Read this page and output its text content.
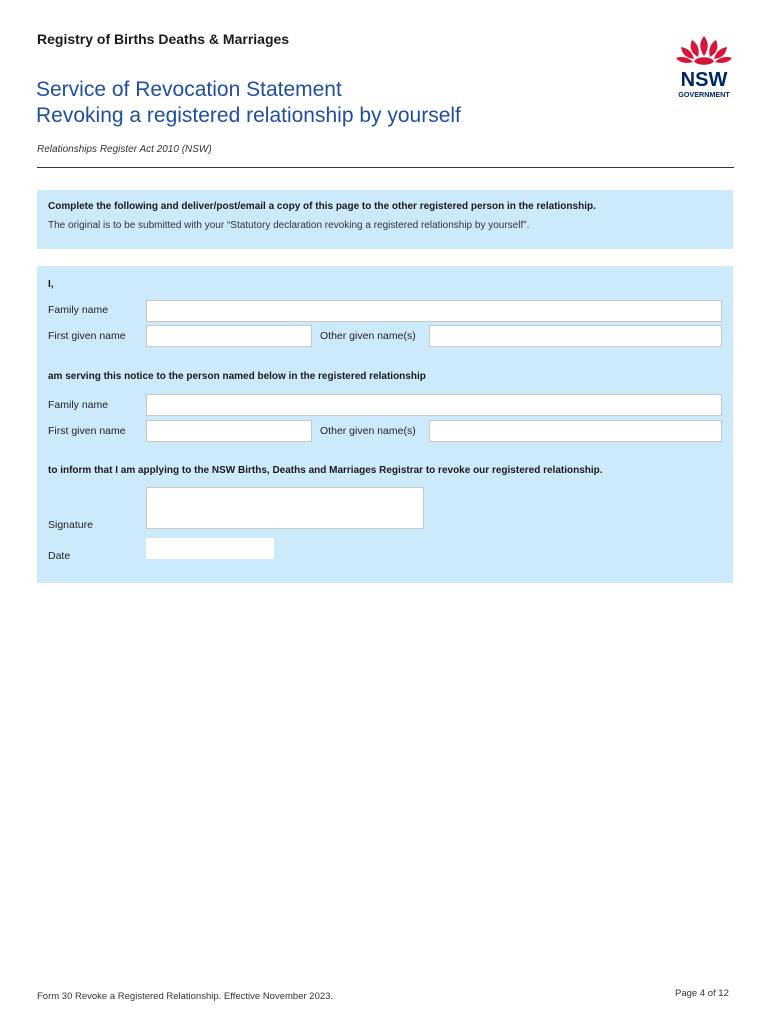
Registry of Births Deaths & Marriages
NSW
GOVERNMENT
Service of Revocation Statement
Revoking a registered relationship by yourself
Relationships Register Act 2010 (NSW)
Complete the following and deliver/post/email a copy of this page to the other registered person in the relationship.
The original is to be submitted with your “Statutory declaration revoking a registered relationship by yourself”.
I,
Family name
First given name	Other given name(s)
am serving this notice to the person named below in the registered relationship
Family name
First given name	Other given name(s)
to inform that I am applying to the NSW Births, Deaths and Marriages Registrar to revoke our registered relationship.
Signature
Date
Form 30 Revoke a Registered Relationship. Effective November 2023.	Page 4 of 12
